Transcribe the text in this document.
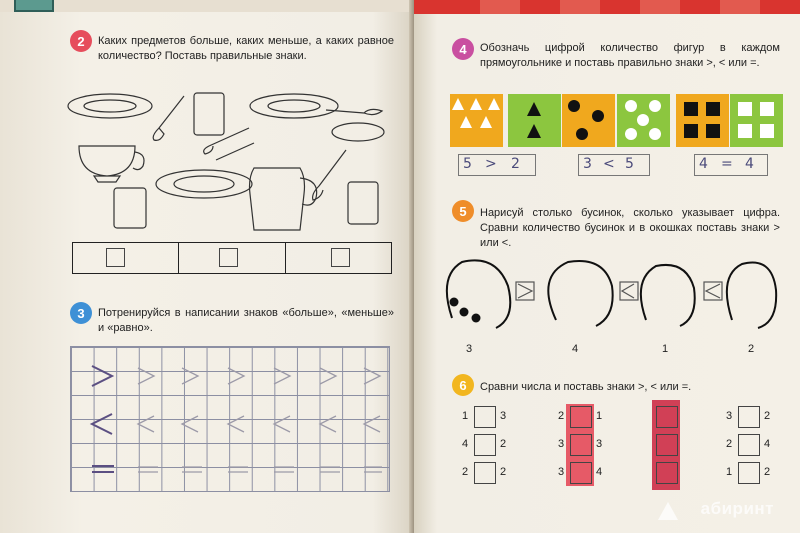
2	Каких предметов больше, каких меньше, а каких равное количество? Поставь правильные знаки.
3	Потренируйся в написании знаков «больше», «меньше» и «равно».
4	Обозначь цифрой количество фигур в каждом прямоугольнике и поставь правильно знаки >, < или =.
5 > 2	3 < 5	4 = 4
5	Нарисуй столько бусинок, сколько указывает цифра. Сравни количество бусинок и в окошках поставь знаки > или <.
3	4	1	2
6	Сравни числа и поставь знаки >, < или =.
1	3
4	2
2	2
2	1
3	3
3	4
3	2
2	4
1	2
абиринт
